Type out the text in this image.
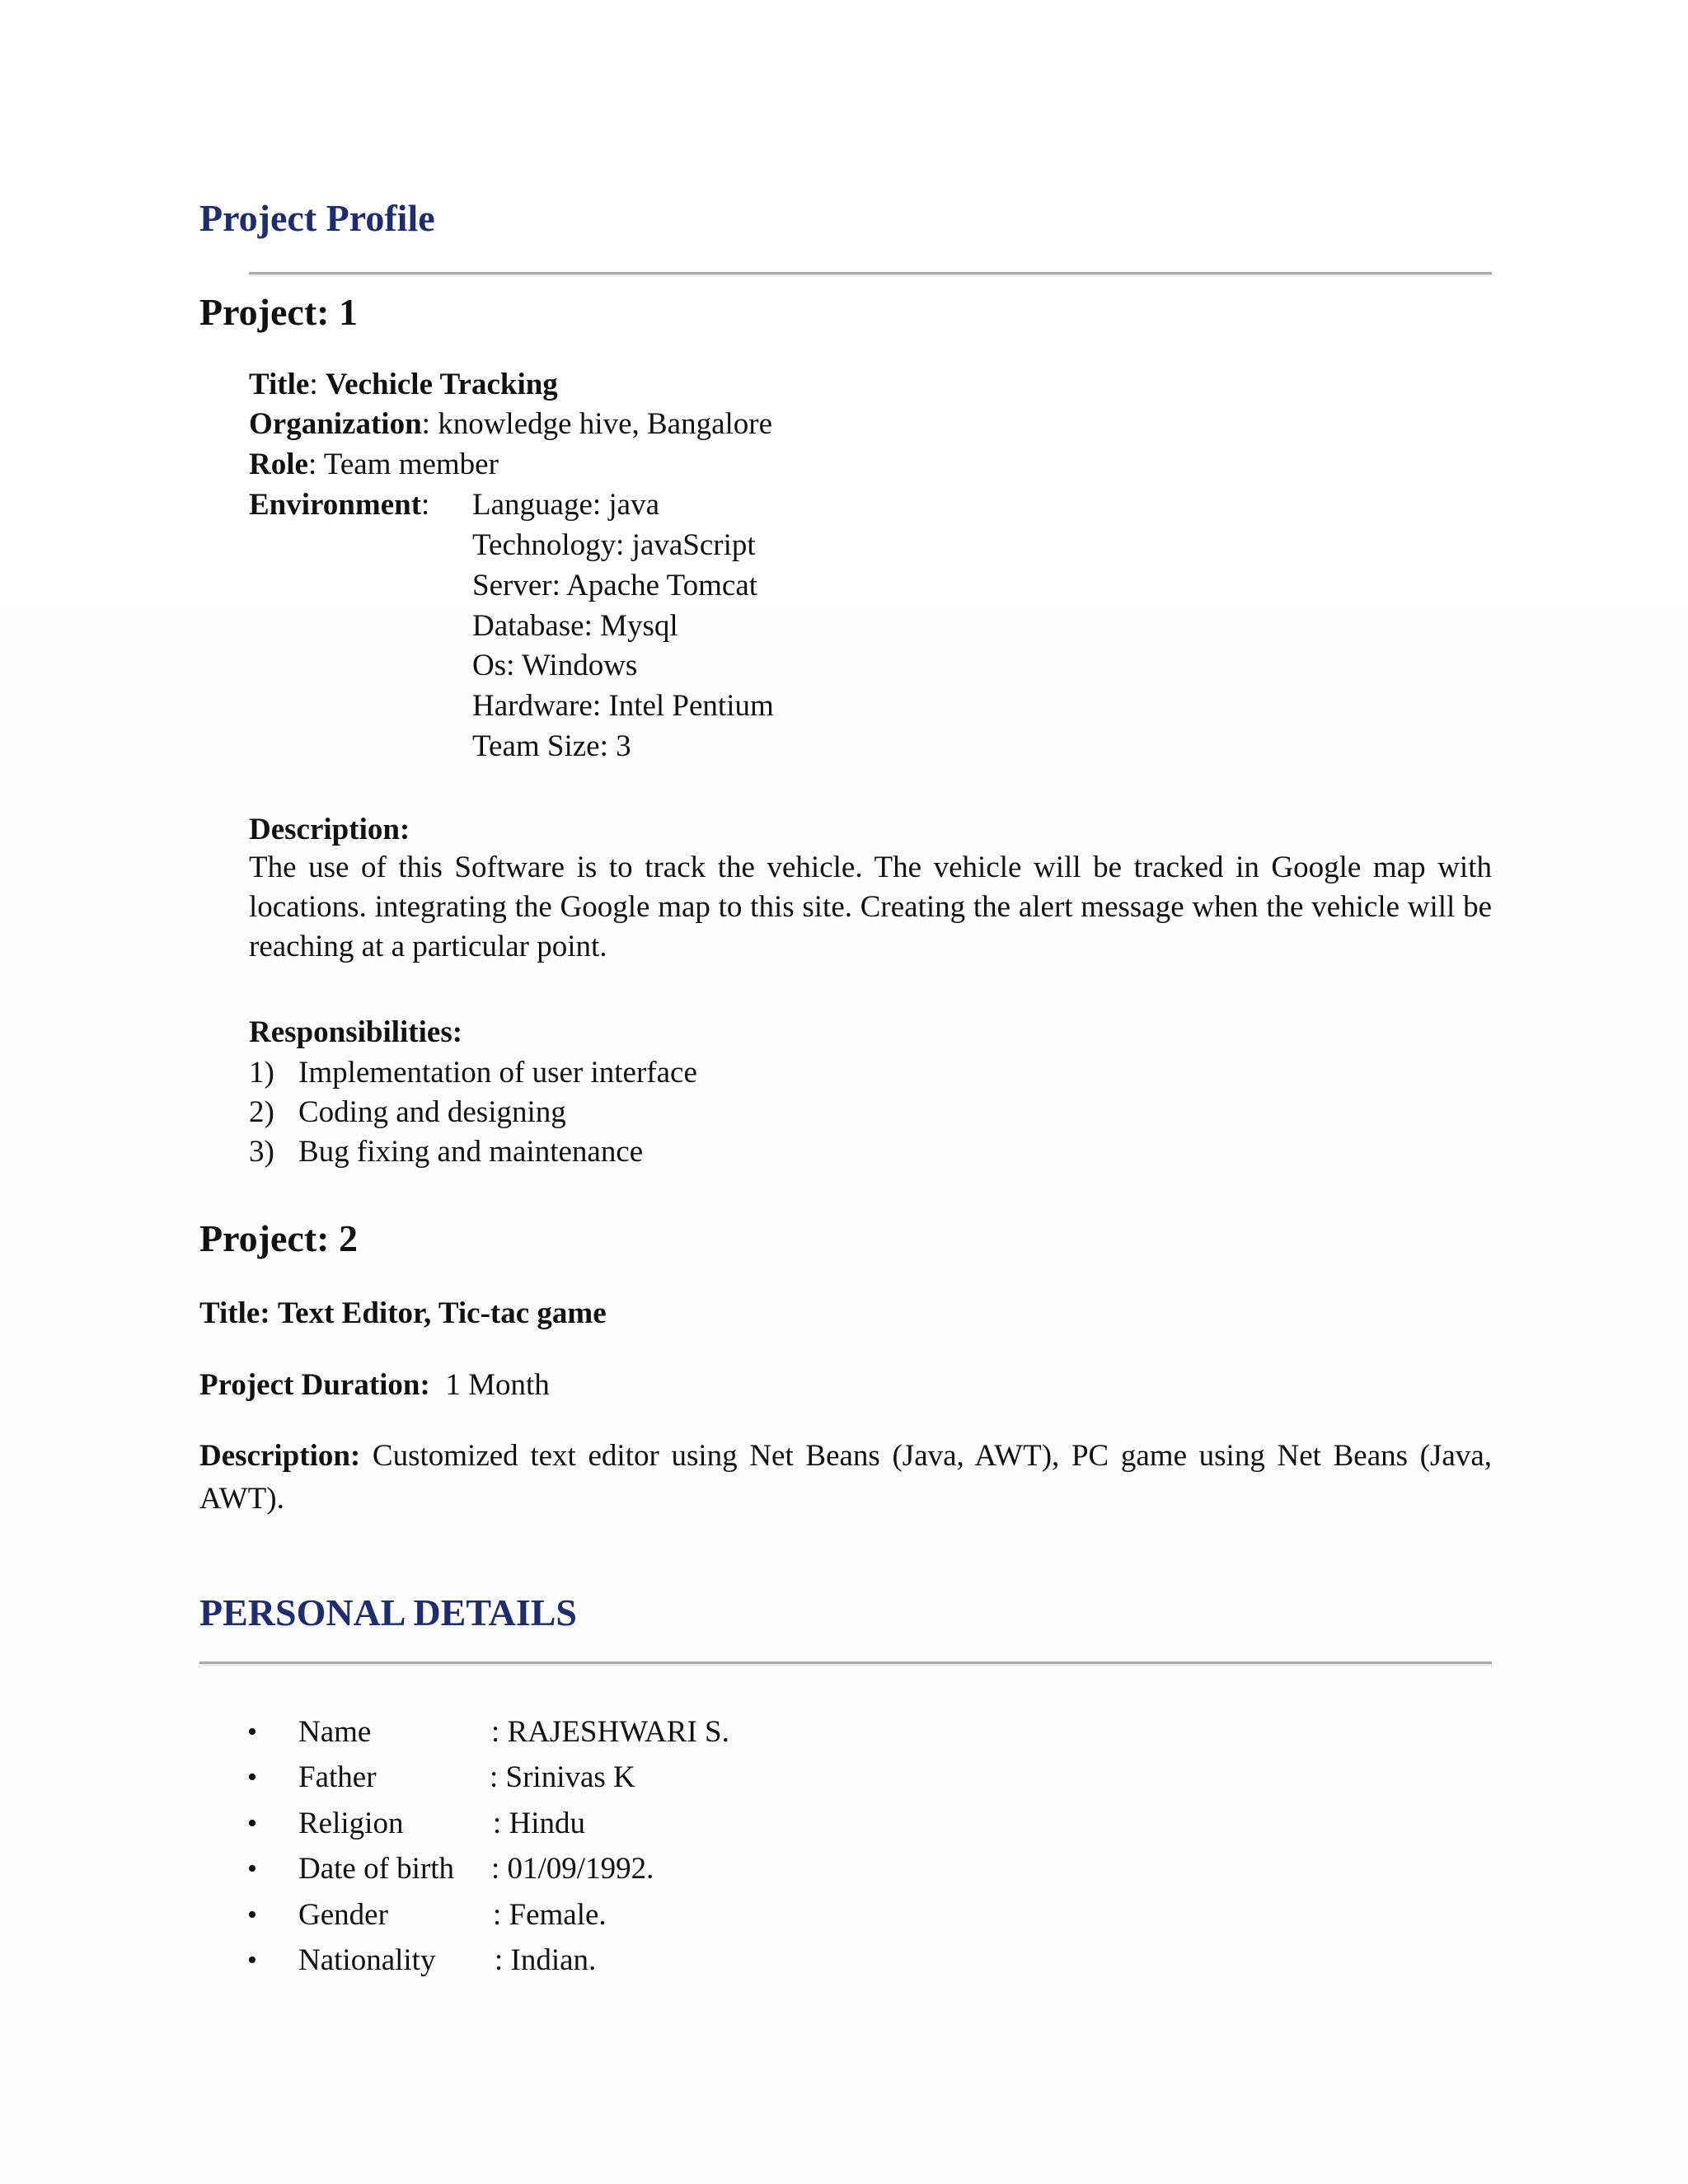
Project Profile
Project: 1
Title: Vechicle Tracking
Organization: knowledge hive, Bangalore
Role: Team member
Environment: Language: java
Technology: javaScript
Server: Apache Tomcat
Database: Mysql
Os: Windows
Hardware: Intel Pentium
Team Size: 3
Description:
The use of this Software is to track the vehicle. The vehicle will be tracked in Google map with locations. integrating the Google map to this site. Creating the alert message when the vehicle will be reaching at a particular point.
Responsibilities:
1) Implementation of user interface
2) Coding and designing
3) Bug fixing and maintenance
Project: 2
Title: Text Editor, Tic-tac game
Project Duration: 1 Month
Description: Customized text editor using Net Beans (Java, AWT), PC game using Net Beans (Java, AWT).
PERSONAL DETAILS
• Name	: RAJESHWARI S.
• Father	: Srinivas K
• Religion	: Hindu
• Date of birth : 01/09/1992.
• Gender	: Female.
• Nationality : Indian.
